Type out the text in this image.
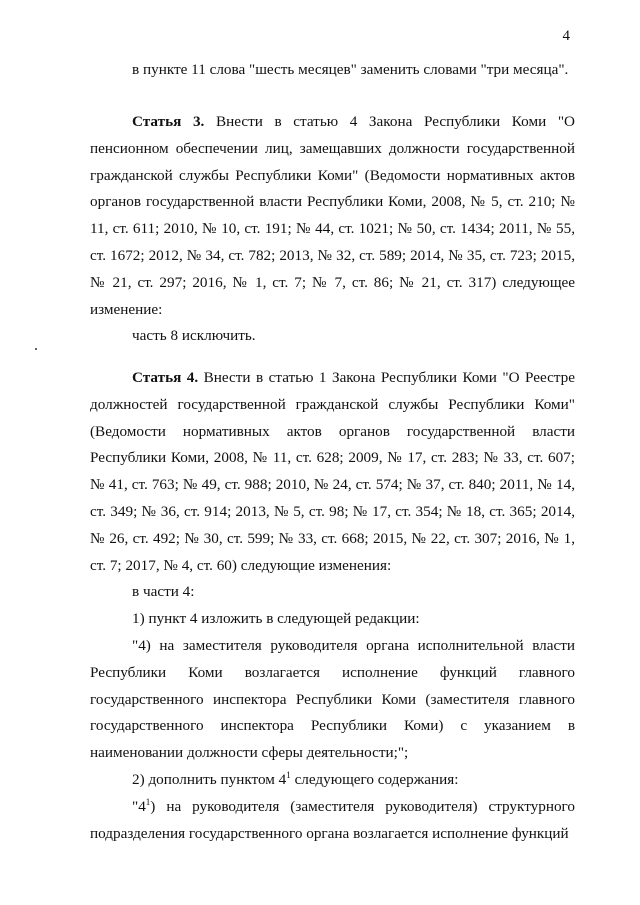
4

в пункте 11 слова "шесть месяцев" заменить словами "три месяца".

Статья 3. Внести в статью 4 Закона Республики Коми "О пенсионном обеспечении лиц, замещавших должности государственной гражданской службы Республики Коми" (Ведомости нормативных актов органов государственной власти Республики Коми, 2008, № 5, ст. 210; № 11, ст. 611; 2010, № 10, ст. 191; № 44, ст. 1021; № 50, ст. 1434; 2011, № 55, ст. 1672; 2012, № 34, ст. 782; 2013, № 32, ст. 589; 2014, № 35, ст. 723; 2015, № 21, ст. 297; 2016, № 1, ст. 7; № 7, ст. 86; № 21, ст. 317) следующее изменение:

часть 8 исключить.

Статья 4. Внести в статью 1 Закона Республики Коми "О Реестре должностей государственной гражданской службы Республики Коми" (Ведомости нормативных актов органов государственной власти Республики Коми, 2008, № 11, ст. 628; 2009, № 17, ст. 283; № 33, ст. 607; № 41, ст. 763; № 49, ст. 988; 2010, № 24, ст. 574; № 37, ст. 840; 2011, № 14, ст. 349; № 36, ст. 914; 2013, № 5, ст. 98; № 17, ст. 354; № 18, ст. 365; 2014, № 26, ст. 492; № 30, ст. 599; № 33, ст. 668; 2015, № 22, ст. 307; 2016, № 1, ст. 7; 2017, № 4, ст. 60) следующие изменения:

в части 4:

1) пункт 4 изложить в следующей редакции:

"4) на заместителя руководителя органа исполнительной власти Республики Коми возлагается исполнение функций главного государственного инспектора Республики Коми (заместителя главного государственного инспектора Республики Коми) с указанием в наименовании должности сферы деятельности;";

2) дополнить пунктом $4^1$ следующего содержания:

"$4^1$) на руководителя (заместителя руководителя) структурного подразделения государственного органа возлагается исполнение функций
